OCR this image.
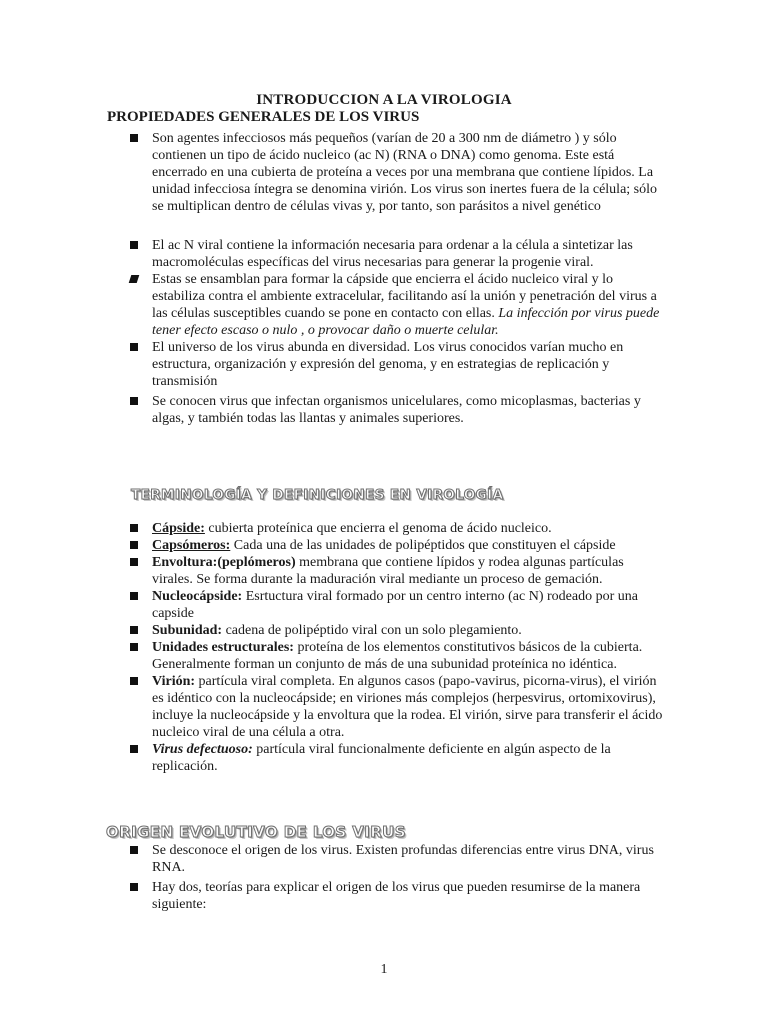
INTRODUCCION A LA VIROLOGIA
PROPIEDADES GENERALES DE LOS VIRUS
Son agentes infecciosos más pequeños (varían de 20 a 300 nm de diámetro ) y sólo contienen un tipo de ácido nucleico (ac N) (RNA o DNA) como genoma. Este está encerrado en una cubierta de proteína a veces por una membrana que contiene lípidos. La unidad infecciosa íntegra se denomina virión. Los virus son inertes fuera de la célula; sólo se multiplican dentro de células vivas y, por tanto, son parásitos a nivel genético
El ac N viral contiene la información necesaria para ordenar a la célula a sintetizar las macromoléculas específicas del virus necesarias para generar la progenie viral.
Estas se ensamblan para formar la cápside que encierra el ácido nucleico viral y lo estabiliza contra el ambiente extracelular, facilitando así la unión y penetración del virus a las células susceptibles cuando se pone en contacto con ellas. La infección por virus puede tener efecto escaso o nulo , o provocar daño o muerte celular.
El universo de los virus abunda en diversidad. Los virus conocidos varían mucho en estructura, organización y expresión del genoma, y en estrategias de replicación y transmisión
Se conocen virus que infectan organismos unicelulares, como micoplasmas, bacterias y algas, y también todas las llantas y animales superiores.
TERMINOLOGÍA Y DEFINICIONES EN VIROLOGÍA
Cápside: cubierta proteínica que encierra el genoma de ácido nucleico.
Capsómeros: Cada una de las unidades de polipéptidos que constituyen el cápside
Envoltura:(peplómeros) membrana que contiene lípidos y rodea algunas partículas virales. Se forma durante la maduración viral mediante un proceso de gemación.
Nucleocápside: Esrtuctura viral formado por un centro interno (ac N) rodeado por una capside
Subunidad: cadena de polipéptido viral con un solo plegamiento.
Unidades estructurales: proteína de los elementos constitutivos básicos de la cubierta. Generalmente forman un conjunto de más de una subunidad proteínica no idéntica.
Virión: partícula viral completa. En algunos casos (papo-vavirus, picorna-virus), el virión es idéntico con la nucleocápside; en viriones más complejos (herpesvirus, ortomixovirus), incluye la nucleocápside y la envoltura que la rodea. El virión, sirve para transferir el ácido nucleico viral de una célula a otra.
Virus defectuoso: partícula viral funcionalmente deficiente en algún aspecto de la replicación.
ORIGEN EVOLUTIVO DE LOS VIRUS
Se desconoce el origen de los virus. Existen profundas diferencias entre virus DNA, virus RNA.
Hay dos, teorías para explicar el origen de los virus que pueden resumirse de la manera siguiente:
1
